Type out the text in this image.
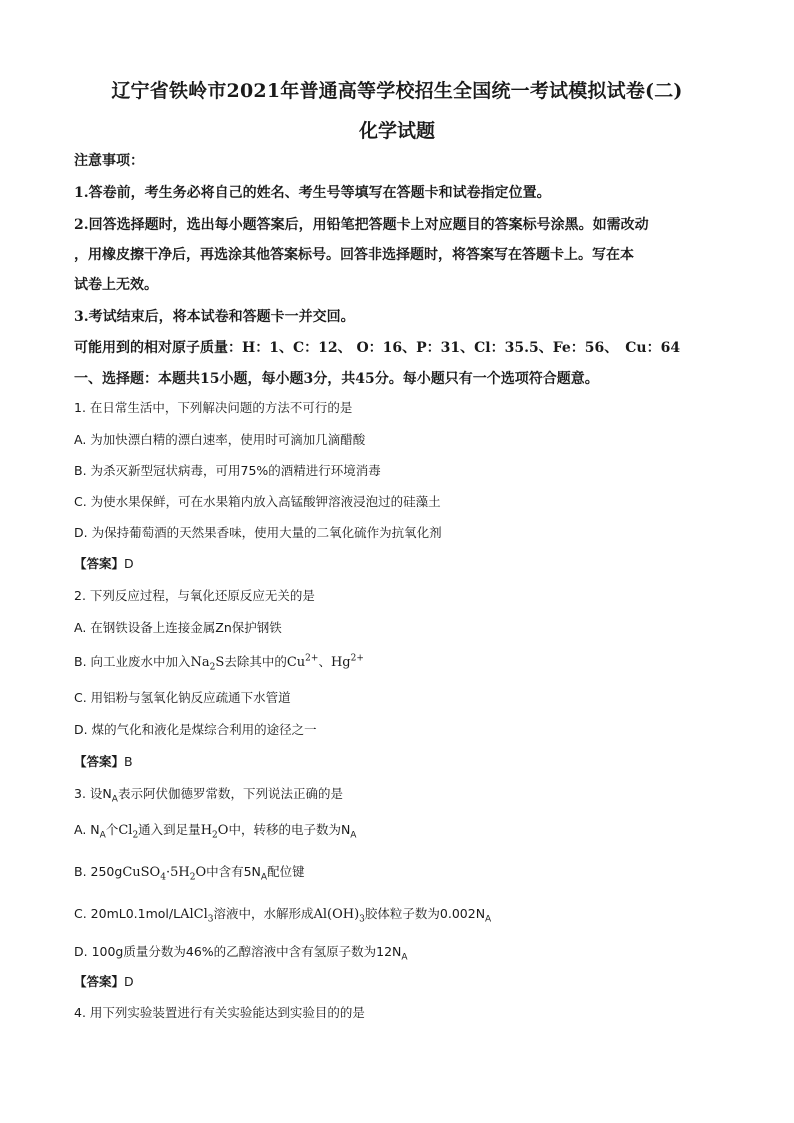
辽宁省铁岭市2021年普通高等学校招生全国统一考试模拟试卷(二)
化学试题
注意事项：
1.答卷前，考生务必将自己的姓名、考生号等填写在答题卡和试卷指定位置。
2.回答选择题时，选出每小题答案后，用铅笔把答题卡上对应题目的答案标号涂黑。如需改动
，用橡皮擦干净后，再选涂其他答案标号。回答非选择题时，将答案写在答题卡上。写在本
试卷上无效。
3.考试结束后，将本试卷和答题卡一并交回。
可能用到的相对原子质量：H：1、C：12、 O：16、P：31、Cl：35.5、Fe：56、　Cu：64
一、选择题：本题共15小题，每小题3分，共45分。每小题只有一个选项符合题意。
1. 在日常生活中，下列解决问题的方法不可行的是
A. 为加快漂白精的漂白速率，使用时可滴加几滴醋酸
B. 为杀灭新型冠状病毒，可用75%的酒精进行环境消毒
C. 为使水果保鲜，可在水果箱内放入高锰酸钾溶液浸泡过的硅藻土
D. 为保持葡萄酒的天然果香味，使用大量的二氧化硫作为抗氧化剂
【答案】D
2. 下列反应过程，与氧化还原反应无关的是
A. 在钢铁设备上连接金属Zn保护钢铁
B. 向工业废水中加入$Na_2S$去除其中的$Cu^{2+}$、$Hg^{2+}$
C. 用铝粉与氢氧化钠反应疏通下水管道
D. 煤的气化和液化是煤综合利用的途径之一
【答案】B
3. 设$N_A$表示阿伏伽德罗常数，下列说法正确的是
A. $N_A$个$Cl_2$通入到足量$H_2O$中，转移的电子数为$N_A$
B. $250gCuSO_4\cdot 5H_2O$中含有$5N_A$配位键
C. 20mL0.1mol/LAlCl$_3$溶液中，水解形成$Al(OH)_3$胶体粒子数为$0.002N_A$
D. 100g质量分数为46%的乙醇溶液中含有氢原子数为$12N_A$
【答案】D
4. 用下列实验装置进行有关实验能达到实验目的的是
